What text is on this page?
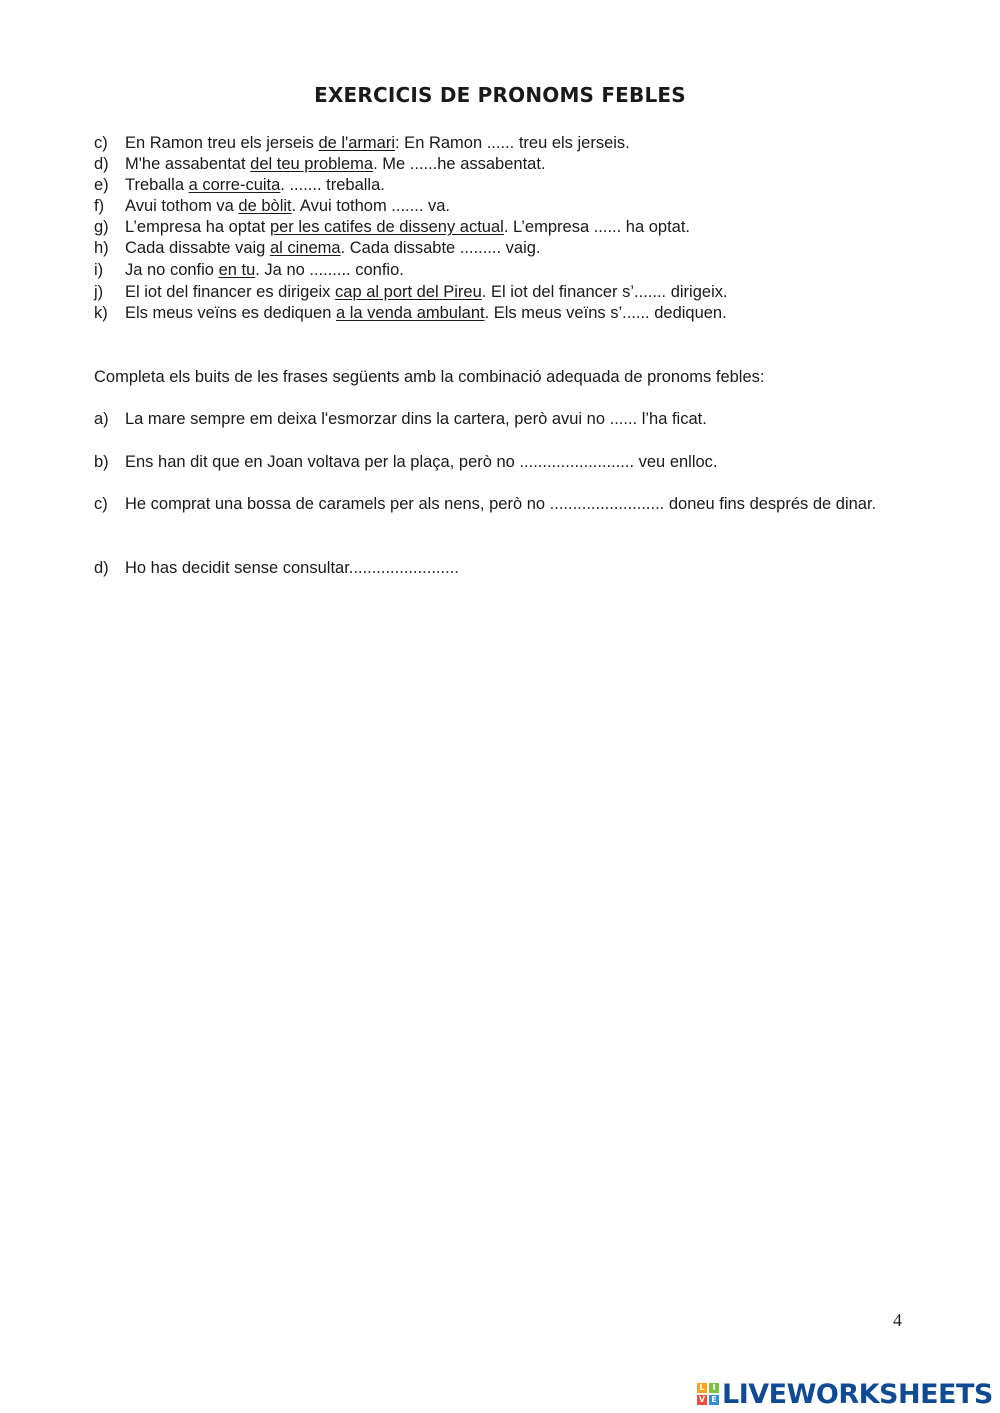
EXERCICIS DE PRONOMS FEBLES
c) En Ramon treu els jerseis de l'armari: En Ramon ...... treu els jerseis.
d) M'he assabentat del teu problema. Me ......he assabentat.
e) Treballa a corre-cuita. ....... treballa.
f) Avui tothom va de bòlit. Avui tothom ....... va.
g) L’empresa ha optat per les catifes de disseny actual. L’empresa ...... ha optat.
h) Cada dissabte vaig al cinema. Cada dissabte ......... vaig.
i) Ja no confio en tu. Ja no ......... confio.
j) El iot del financer es dirigeix cap al port del Pireu. El iot del financer s’....... dirigeix.
k) Els meus veïns es dediquen a la venda ambulant. Els meus veïns s’...... dediquen.
Completa els buits de les frases següents amb la combinació adequada de pronoms febles:
a) La mare sempre em deixa l'esmorzar dins la cartera, però avui no ...... l’ha ficat.
b) Ens han dit que en Joan voltava per la plaça, però no ......................... veu enlloc.
c) He comprat una bossa de caramels per als nens, però no ......................... doneu fins després de dinar.
d) Ho has decidit sense consultar........................
4
L I
V E LIVEWORKSHEETS
